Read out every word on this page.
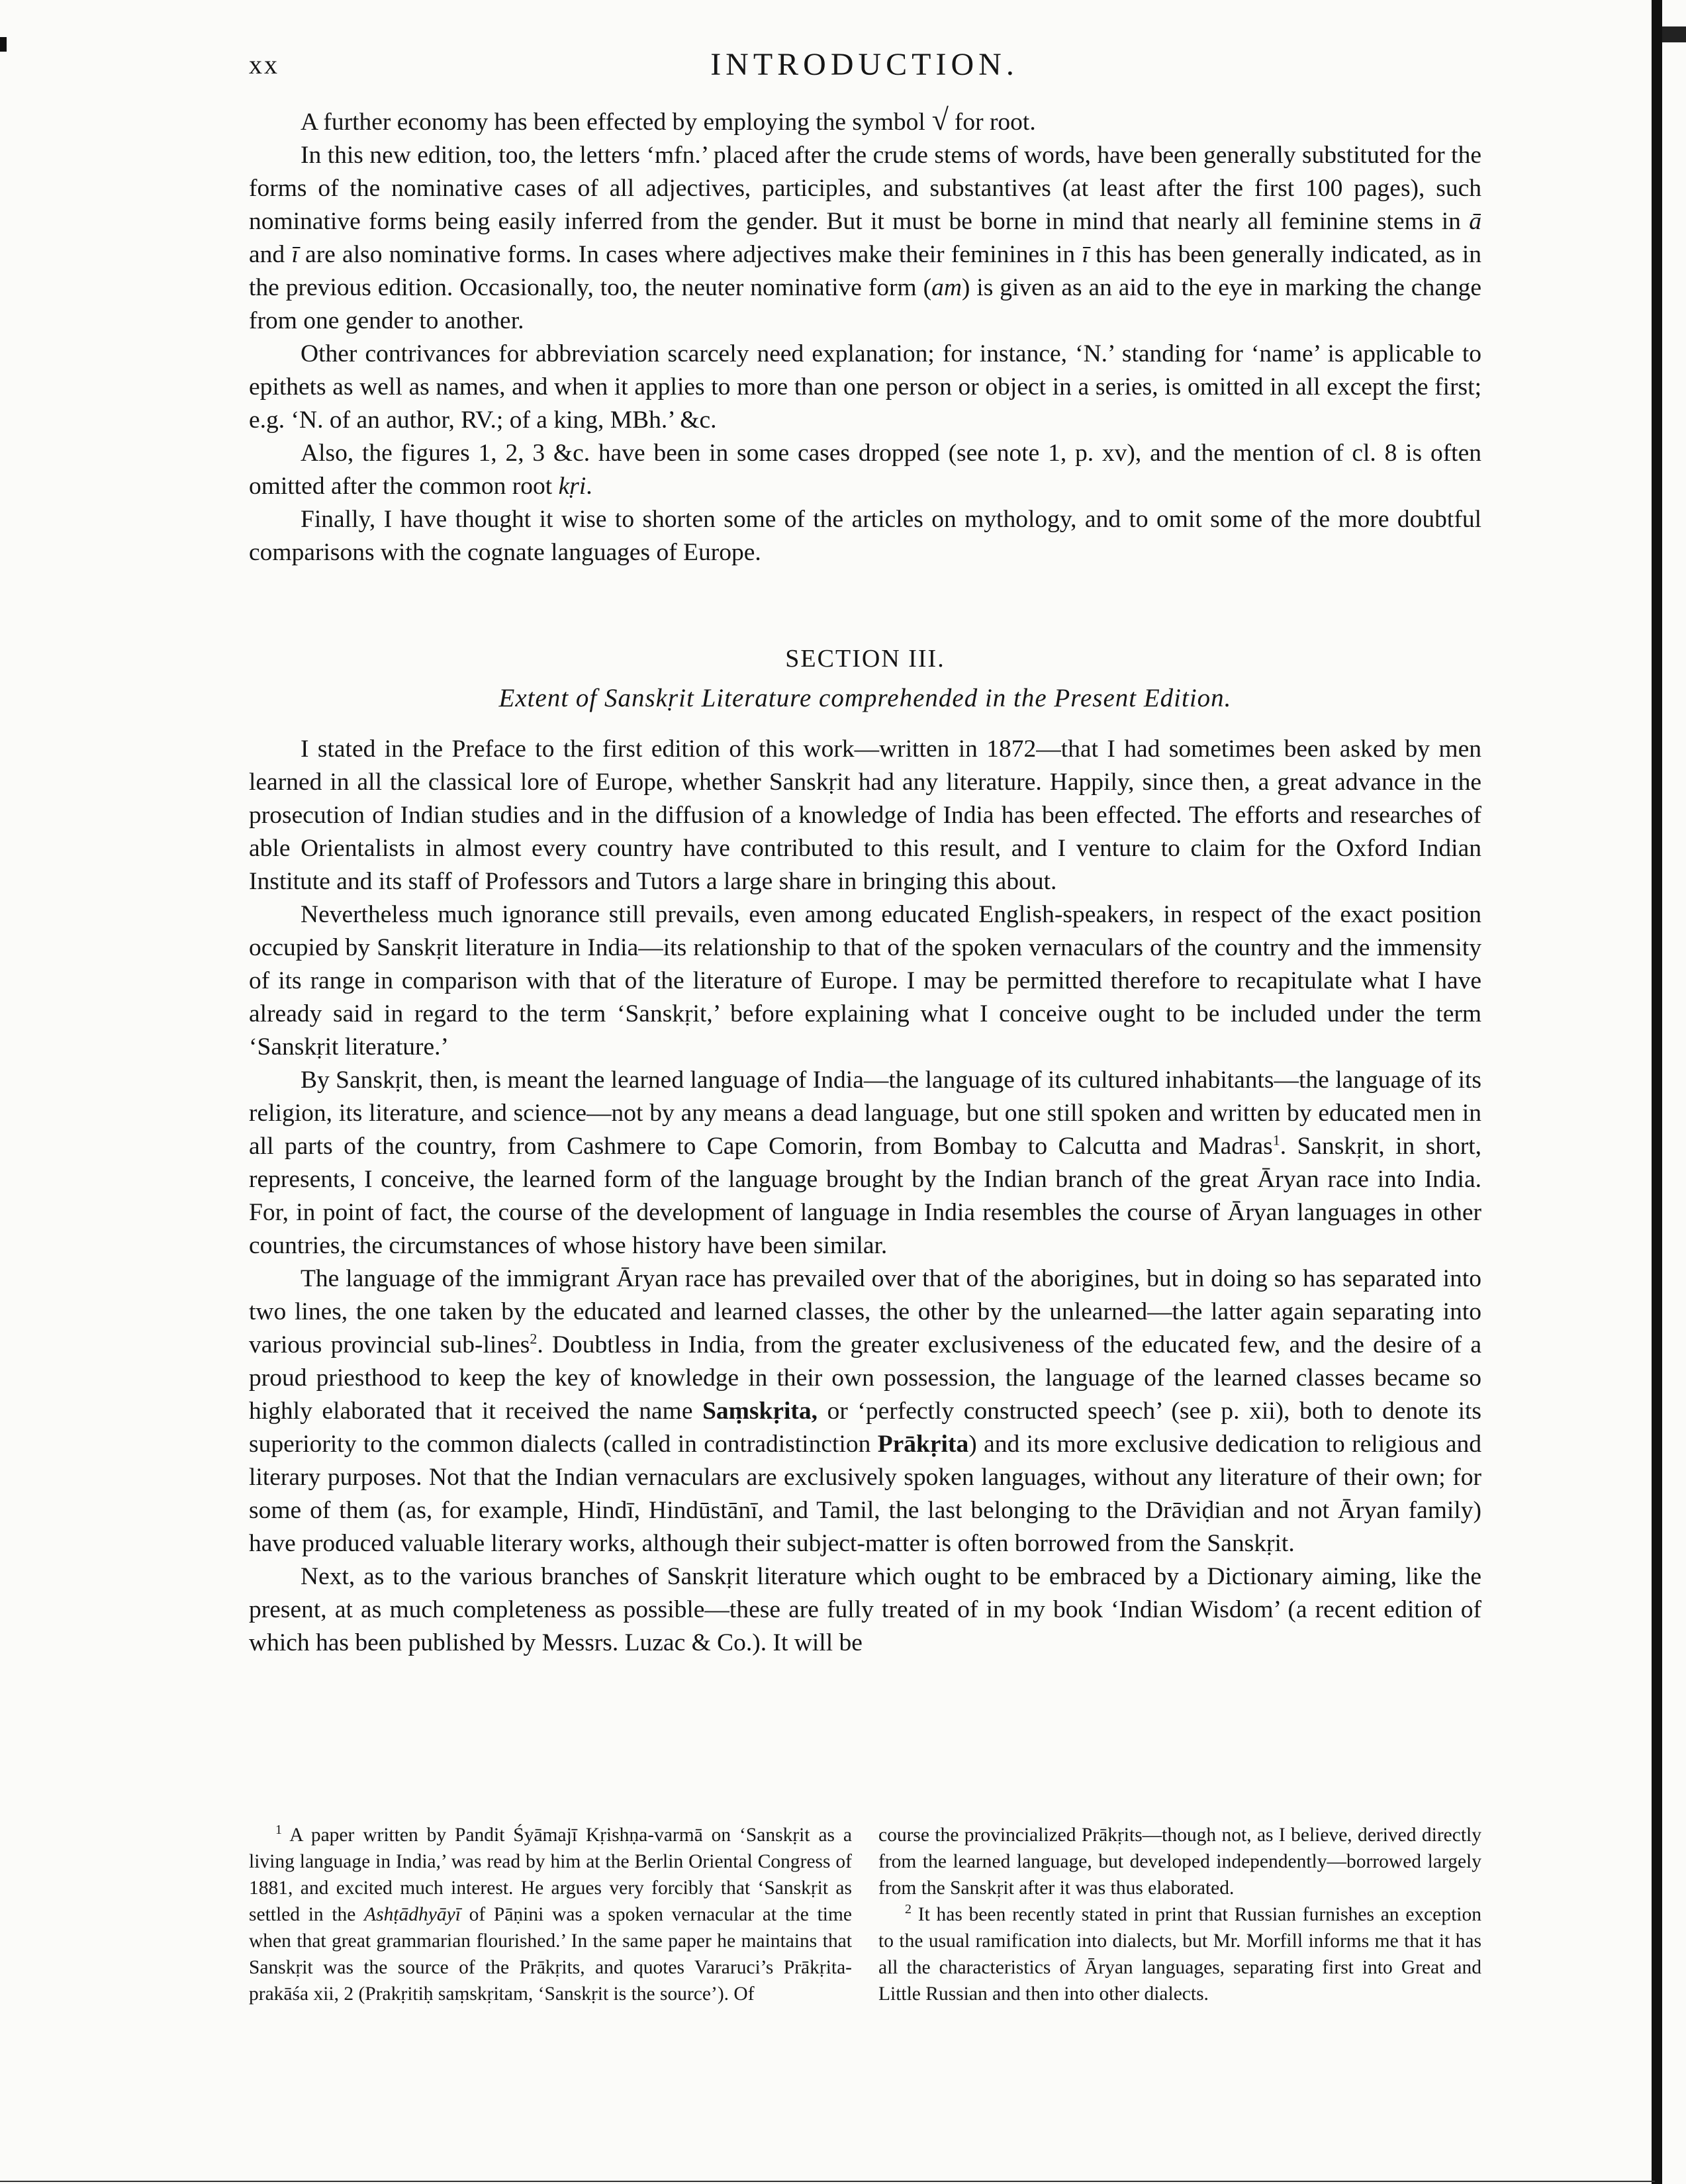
xx	INTRODUCTION.

A further economy has been effected by employing the symbol √ for root.

In this new edition, too, the letters ‘mfn.’ placed after the crude stems of words, have been generally substituted for the forms of the nominative cases of all adjectives, participles, and substantives (at least after the first 100 pages), such nominative forms being easily inferred from the gender. But it must be borne in mind that nearly all feminine stems in ā and ī are also nominative forms. In cases where adjectives make their feminines in ī this has been generally indicated, as in the previous edition. Occasionally, too, the neuter nominative form (am) is given as an aid to the eye in marking the change from one gender to another.

Other contrivances for abbreviation scarcely need explanation; for instance, ‘N.’ standing for ‘name’ is applicable to epithets as well as names, and when it applies to more than one person or object in a series, is omitted in all except the first; e.g. ‘N. of an author, RV.; of a king, MBh.’ &c.

Also, the figures 1, 2, 3 &c. have been in some cases dropped (see note 1, p. xv), and the mention of cl. 8 is often omitted after the common root kṛi.

Finally, I have thought it wise to shorten some of the articles on mythology, and to omit some of the more doubtful comparisons with the cognate languages of Europe.

SECTION III.
Extent of Sanskṛit Literature comprehended in the Present Edition.

I stated in the Preface to the first edition of this work—written in 1872—that I had sometimes been asked by men learned in all the classical lore of Europe, whether Sanskṛit had any literature. Happily, since then, a great advance in the prosecution of Indian studies and in the diffusion of a knowledge of India has been effected. The efforts and researches of able Orientalists in almost every country have contributed to this result, and I venture to claim for the Oxford Indian Institute and its staff of Professors and Tutors a large share in bringing this about.

Nevertheless much ignorance still prevails, even among educated English-speakers, in respect of the exact position occupied by Sanskṛit literature in India—its relationship to that of the spoken vernaculars of the country and the immensity of its range in comparison with that of the literature of Europe. I may be permitted therefore to recapitulate what I have already said in regard to the term ‘Sanskṛit,’ before explaining what I conceive ought to be included under the term ‘Sanskṛit literature.’

By Sanskṛit, then, is meant the learned language of India—the language of its cultured inhabitants—the language of its religion, its literature, and science—not by any means a dead language, but one still spoken and written by educated men in all parts of the country, from Cashmere to Cape Comorin, from Bombay to Calcutta and Madras$^1$. Sanskṛit, in short, represents, I conceive, the learned form of the language brought by the Indian branch of the great Āryan race into India. For, in point of fact, the course of the development of language in India resembles the course of Āryan languages in other countries, the circumstances of whose history have been similar.

The language of the immigrant Āryan race has prevailed over that of the aborigines, but in doing so has separated into two lines, the one taken by the educated and learned classes, the other by the unlearned—the latter again separating into various provincial sub-lines$^2$. Doubtless in India, from the greater exclusiveness of the educated few, and the desire of a proud priesthood to keep the key of knowledge in their own possession, the language of the learned classes became so highly elaborated that it received the name Saṃskṛita, or ‘perfectly constructed speech’ (see p. xii), both to denote its superiority to the common dialects (called in contradistinction Prākṛita) and its more exclusive dedication to religious and literary purposes. Not that the Indian vernaculars are exclusively spoken languages, without any literature of their own; for some of them (as, for example, Hindī, Hindūstānī, and Tamil, the last belonging to the Drāviḍian and not Āryan family) have produced valuable literary works, although their subject-matter is often borrowed from the Sanskṛit.

Next, as to the various branches of Sanskṛit literature which ought to be embraced by a Dictionary aiming, like the present, at as much completeness as possible—these are fully treated of in my book ‘Indian Wisdom’ (a recent edition of which has been published by Messrs. Luzac & Co.). It will be

$^1$ A paper written by Pandit Śyāmajī Kṛishṇa-varmā on ‘Sanskṛit as a living language in India,’ was read by him at the Berlin Oriental Congress of 1881, and excited much interest. He argues very forcibly that ‘Sanskṛit as settled in the Ashṭādhyāyī of Pāṇini was a spoken vernacular at the time when that great grammarian flourished.’ In the same paper he maintains that Sanskṛit was the source of the Prākṛits, and quotes Vararuci’s Prākṛita-prakāśa xii, 2 (Prakṛitiḥ saṃskṛitam, ‘Sanskṛit is the source’). Of

course the provincialized Prākṛits—though not, as I believe, derived directly from the learned language, but developed independently—borrowed largely from the Sanskṛit after it was thus elaborated.

$^2$ It has been recently stated in print that Russian furnishes an exception to the usual ramification into dialects, but Mr. Morfill informs me that it has all the characteristics of Āryan languages, separating first into Great and Little Russian and then into other dialects.
